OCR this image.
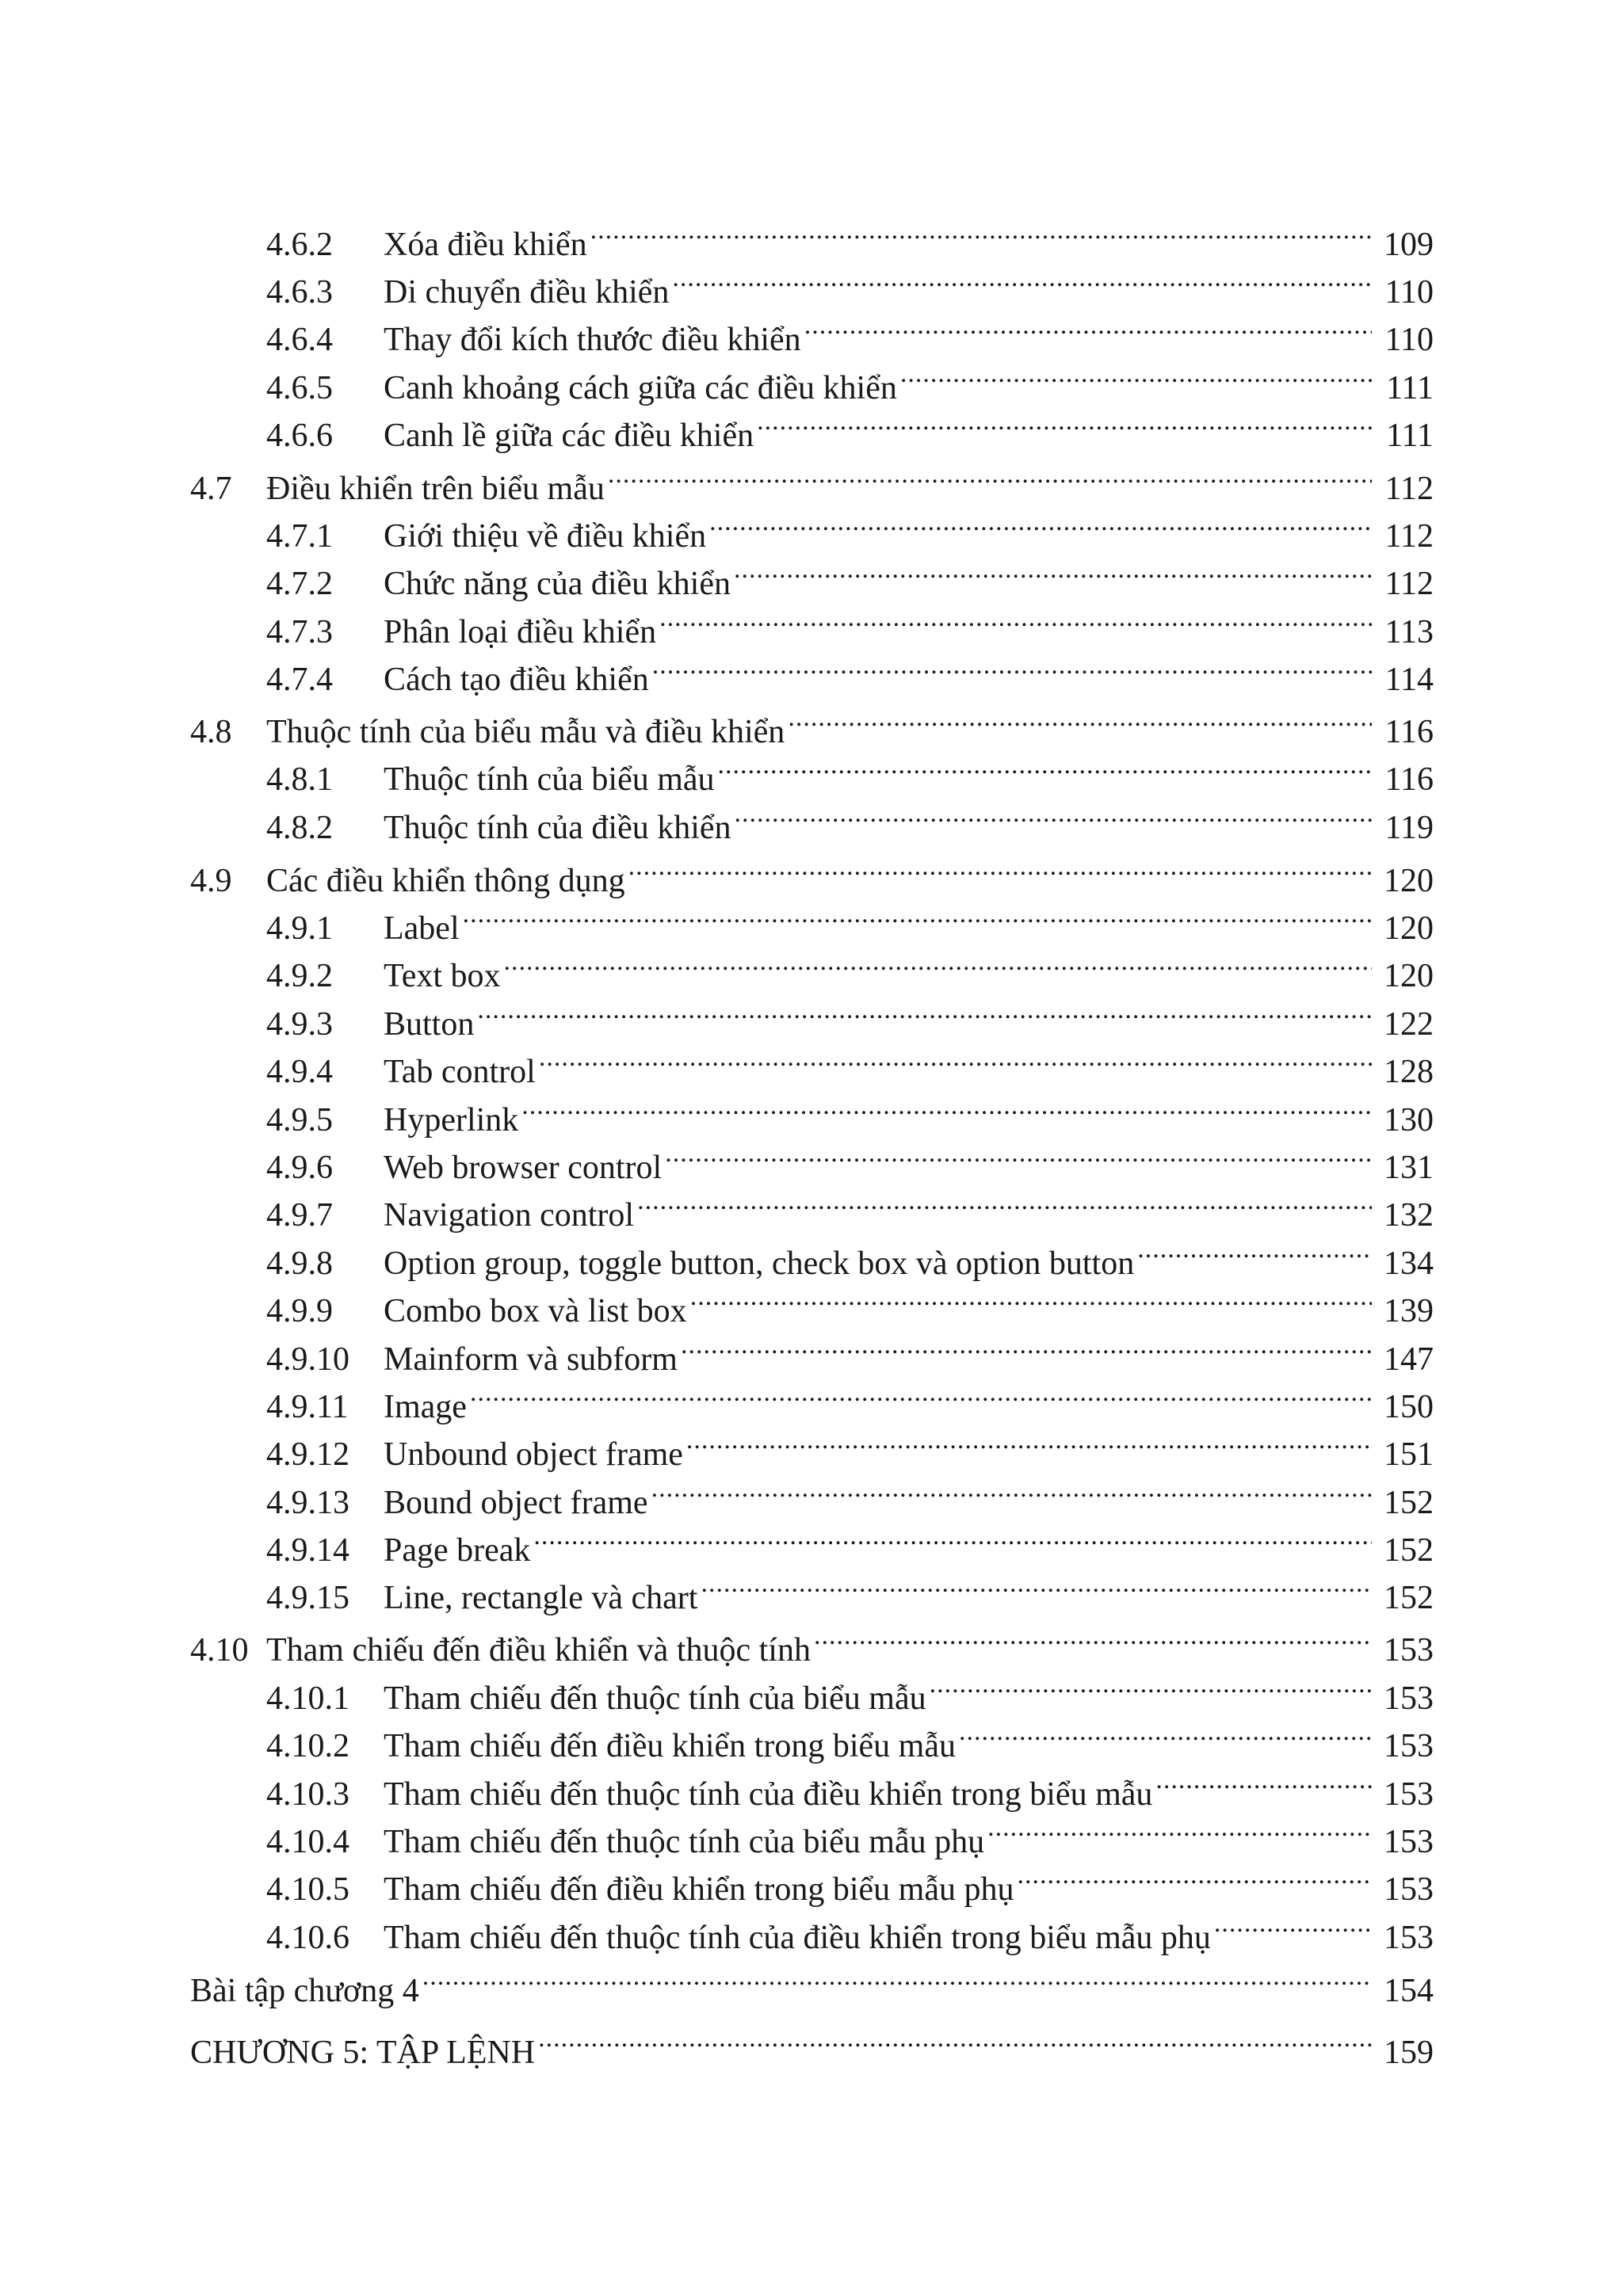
4.6.2	Xóa điều khiển .....	109
4.6.3	Di chuyển điều khiển .....	110
4.6.4	Thay đổi kích thước điều khiển .....	110
4.6.5	Canh khoảng cách giữa các điều khiển .....	111
4.6.6	Canh lề giữa các điều khiển .....	111
4.7	Điều khiển trên biểu mẫu .....	112
4.7.1	Giới thiệu về điều khiển .....	112
4.7.2	Chức năng của điều khiển .....	112
4.7.3	Phân loại điều khiển .....	113
4.7.4	Cách tạo điều khiển .....	114
4.8	Thuộc tính của biểu mẫu và điều khiển .....	116
4.8.1	Thuộc tính của biểu mẫu .....	116
4.8.2	Thuộc tính của điều khiển .....	119
4.9	Các điều khiển thông dụng .....	120
4.9.1	Label .....	120
4.9.2	Text box .....	120
4.9.3	Button .....	122
4.9.4	Tab control .....	128
4.9.5	Hyperlink .....	130
4.9.6	Web browser control .....	131
4.9.7	Navigation control .....	132
4.9.8	Option group, toggle button, check box và option button .....	134
4.9.9	Combo box và list box .....	139
4.9.10	Mainform và subform .....	147
4.9.11	Image .....	150
4.9.12	Unbound object frame .....	151
4.9.13	Bound object frame .....	152
4.9.14	Page break .....	152
4.9.15	Line, rectangle và chart .....	152
4.10 Tham chiếu đến điều khiển và thuộc tính .....	153
4.10.1	Tham chiếu đến thuộc tính của biểu mẫu .....	153
4.10.2	Tham chiếu đến điều khiển trong biểu mẫu .....	153
4.10.3	Tham chiếu đến thuộc tính của điều khiển trong biểu mẫu .....	153
4.10.4	Tham chiếu đến thuộc tính của biểu mẫu phụ .....	153
4.10.5	Tham chiếu đến điều khiển trong biểu mẫu phụ .....	153
4.10.6	Tham chiếu đến thuộc tính của điều khiển trong biểu mẫu phụ .....	153
Bài tập chương 4 .....	154
CHƯƠNG 5: TẬP LỆNH .....	159
